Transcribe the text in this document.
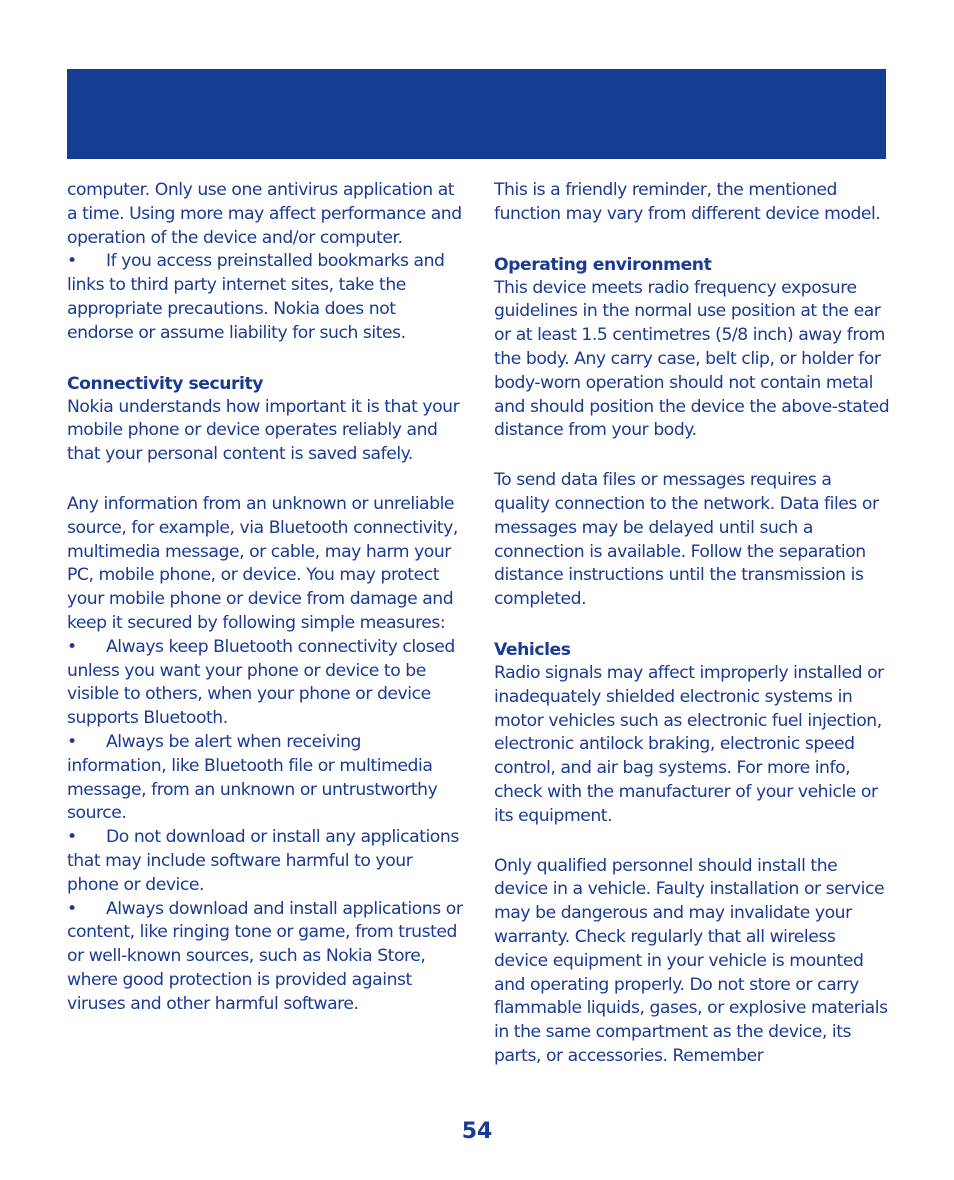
computer. Only use one antivirus application at a time. Using more may affect performance and operation of the device and/or computer.

• If you access preinstalled bookmarks and links to third party internet sites, take the appropriate precautions. Nokia does not endorse or assume liability for such sites.

Connectivity security

Nokia understands how important it is that your mobile phone or device operates reliably and that your personal content is saved safely.

Any information from an unknown or unreliable source, for example, via Bluetooth connectivity, multimedia message, or cable, may harm your PC, mobile phone, or device. You may protect your mobile phone or device from damage and keep it secured by following simple measures:

• Always keep Bluetooth connectivity closed unless you want your phone or device to be visible to others, when your phone or device supports Bluetooth.

• Always be alert when receiving information, like Bluetooth file or multimedia message, from an unknown or untrustworthy source.

• Do not download or install any applications that may include software harmful to your phone or device.

• Always download and install applications or content, like ringing tone or game, from trusted or well-known sources, such as Nokia Store, where good protection is provided against viruses and other harmful software.

This is a friendly reminder, the mentioned function may vary from different device model.

Operating environment

This device meets radio frequency exposure guidelines in the normal use position at the ear or at least 1.5 centimetres (5/8 inch) away from the body. Any carry case, belt clip, or holder for body-worn operation should not contain metal and should position the device the above-stated distance from your body.

To send data files or messages requires a quality connection to the network. Data files or messages may be delayed until such a connection is available. Follow the separation distance instructions until the transmission is completed.

Vehicles

Radio signals may affect improperly installed or inadequately shielded electronic systems in motor vehicles such as electronic fuel injection, electronic antilock braking, electronic speed control, and air bag systems. For more info, check with the manufacturer of your vehicle or its equipment.

Only qualified personnel should install the device in a vehicle. Faulty installation or service may be dangerous and may invalidate your warranty. Check regularly that all wireless device equipment in your vehicle is mounted and operating properly. Do not store or carry flammable liquids, gases, or explosive materials in the same compartment as the device, its parts, or accessories. Remember

54
